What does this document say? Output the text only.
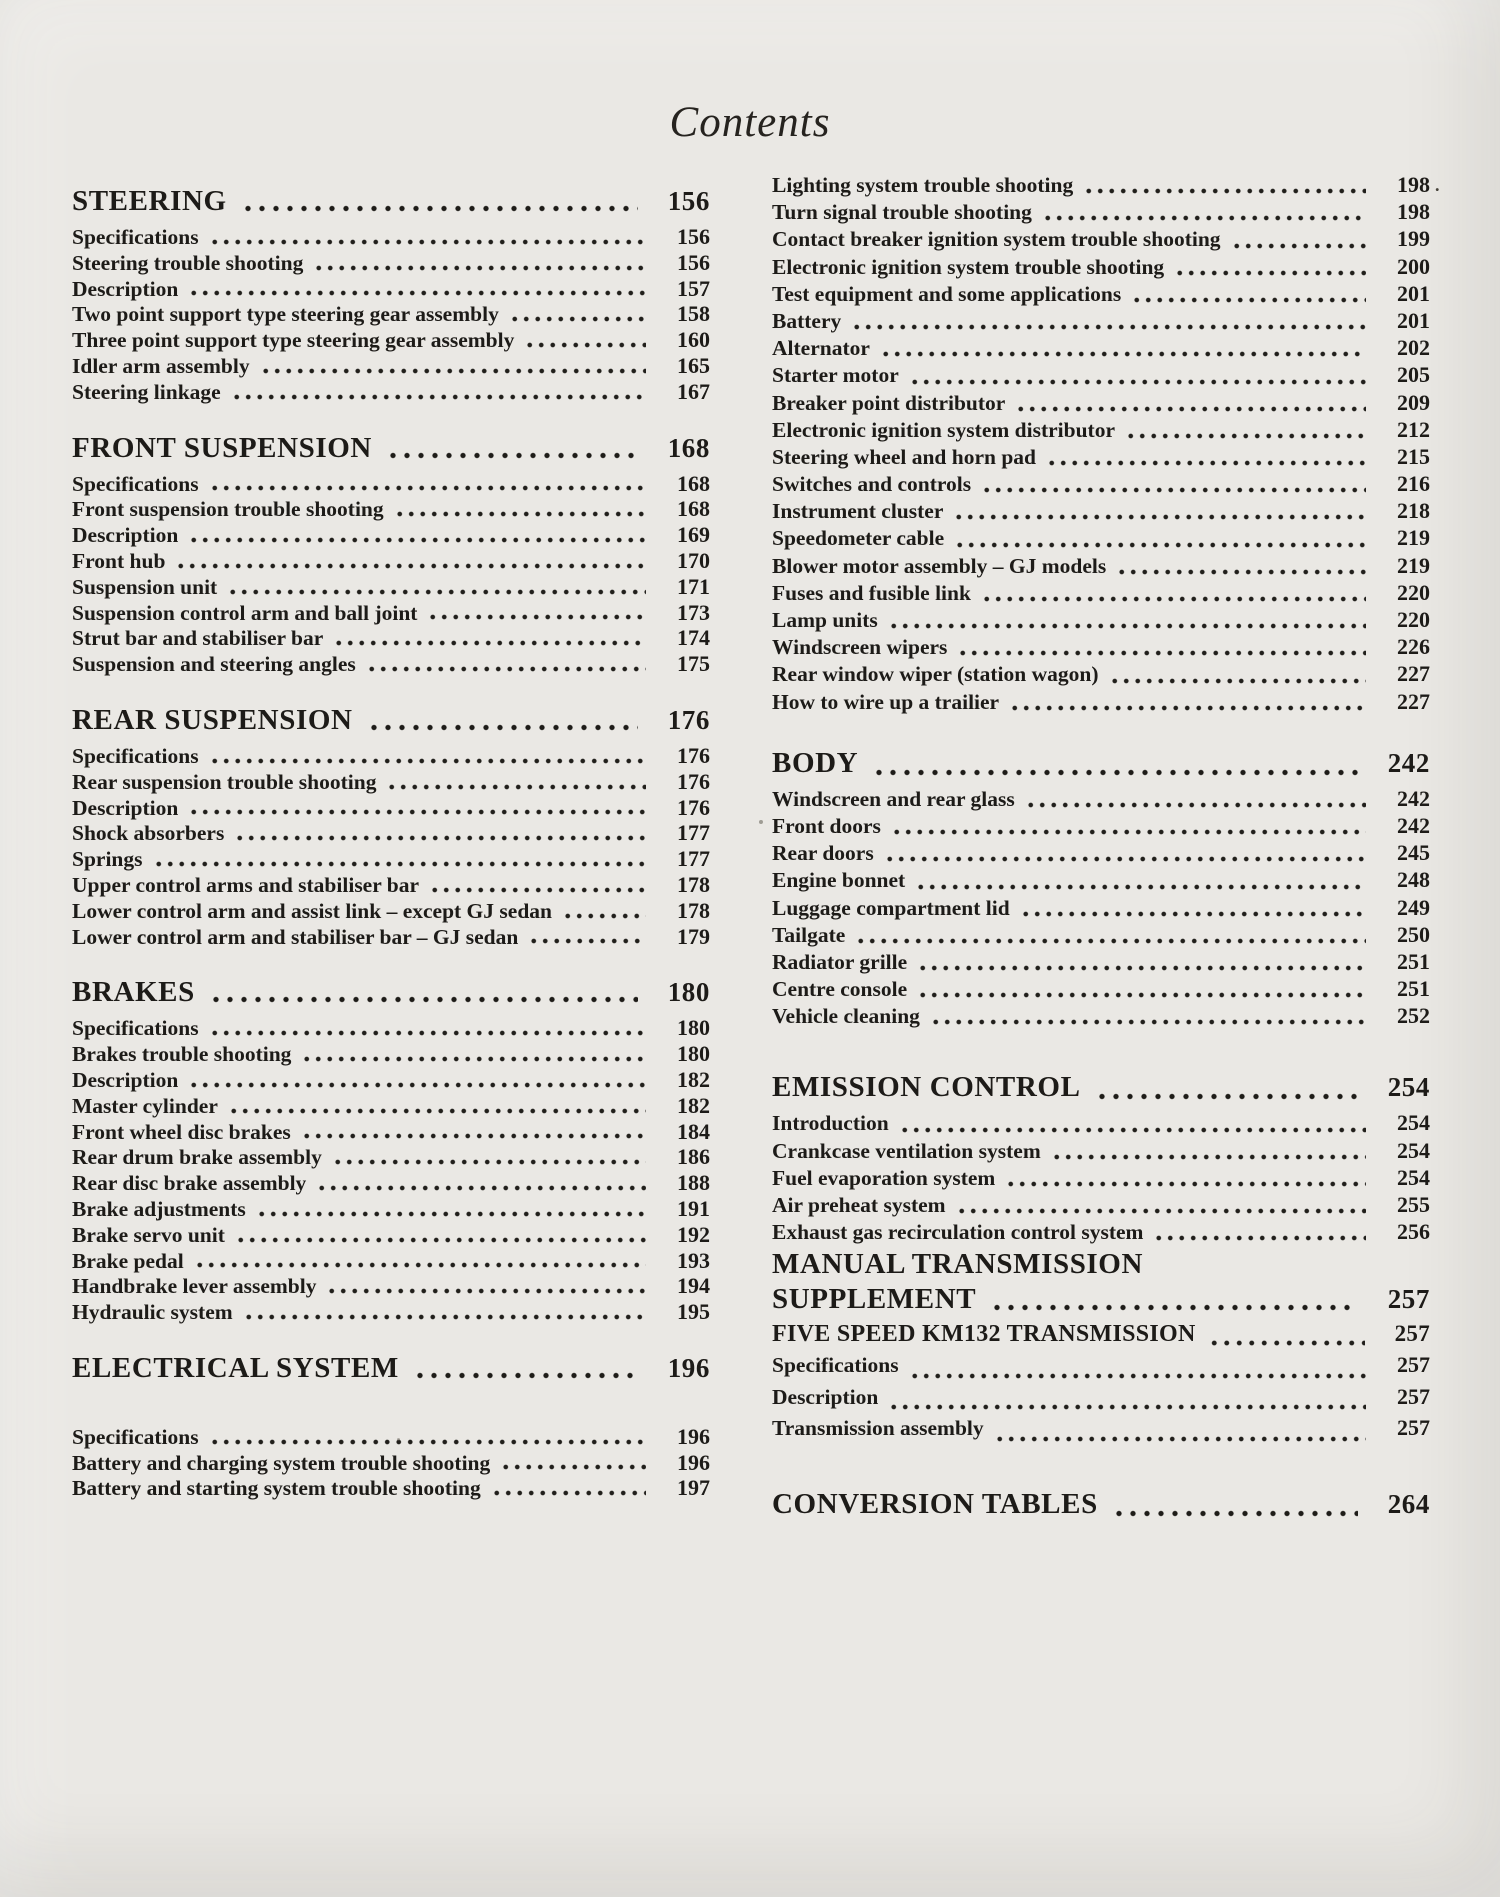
Contents
STEERING	156
Specifications	156
Steering trouble shooting	156
Description	157
Two point support type steering gear assembly	158
Three point support type steering gear assembly	160
Idler arm assembly	165
Steering linkage	167
FRONT SUSPENSION	168
Specifications	168
Front suspension trouble shooting	168
Description	169
Front hub	170
Suspension unit	171
Suspension control arm and ball joint	173
Strut bar and stabiliser bar	174
Suspension and steering angles	175
REAR SUSPENSION	176
Specifications	176
Rear suspension trouble shooting	176
Description	176
Shock absorbers	177
Springs	177
Upper control arms and stabiliser bar	178
Lower control arm and assist link – except GJ sedan	178
Lower control arm and stabiliser bar – GJ sedan	179
BRAKES	180
Specifications	180
Brakes trouble shooting	180
Description	182
Master cylinder	182
Front wheel disc brakes	184
Rear drum brake assembly	186
Rear disc brake assembly	188
Brake adjustments	191
Brake servo unit	192
Brake pedal	193
Handbrake lever assembly	194
Hydraulic system	195
ELECTRICAL SYSTEM	196
Specifications	196
Battery and charging system trouble shooting	196
Battery and starting system trouble shooting	197
Lighting system trouble shooting	198 .
Turn signal trouble shooting	198
Contact breaker ignition system trouble shooting	199
Electronic ignition system trouble shooting	200
Test equipment and some applications	201
Battery	201
Alternator	202
Starter motor	205
Breaker point distributor	209
Electronic ignition system distributor	212
Steering wheel and horn pad	215
Switches and controls	216
Instrument cluster	218
Speedometer cable	219
Blower motor assembly – GJ models	219
Fuses and fusible link	220
Lamp units	220
Windscreen wipers	226
Rear window wiper (station wagon)	227
How to wire up a trailier	227
BODY	242
Windscreen and rear glass	242
Front doors	242
Rear doors	245
Engine bonnet	248
Luggage compartment lid	249
Tailgate	250
Radiator grille	251
Centre console	251
Vehicle cleaning	252
EMISSION CONTROL	254
Introduction	254
Crankcase ventilation system	254
Fuel evaporation system	254
Air preheat system	255
Exhaust gas recirculation control system	256
MANUAL TRANSMISSION
SUPPLEMENT	257
FIVE SPEED KM132 TRANSMISSION	257
Specifications	257
Description	257
Transmission assembly	257
CONVERSION TABLES	264
